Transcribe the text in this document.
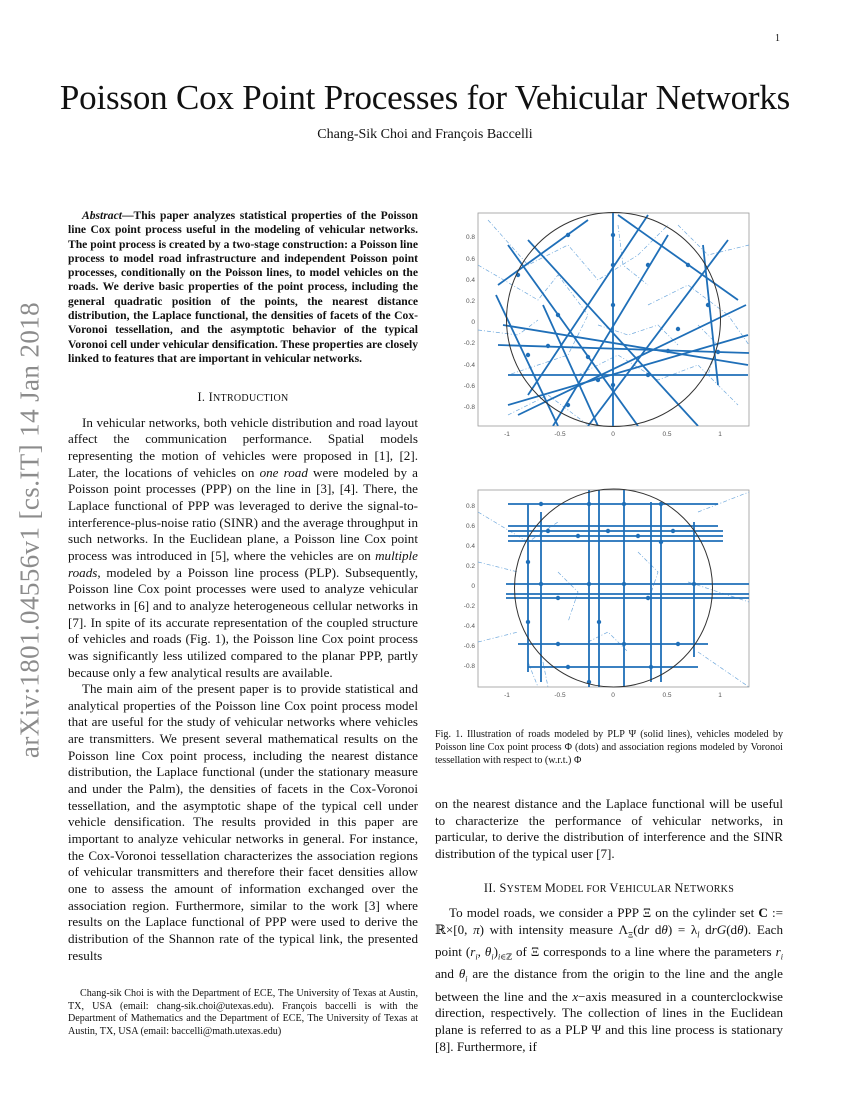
1
arXiv:1801.04556v1 [cs.IT] 14 Jan 2018
Poisson Cox Point Processes for Vehicular Networks
Chang-Sik Choi and François Baccelli

Abstract—This paper analyzes statistical properties of the Poisson line Cox point process useful in the modeling of vehicular networks. The point process is created by a two-stage construction: a Poisson line process to model road infrastructure and independent Poisson point processes, conditionally on the Poisson lines, to model vehicles on the roads. We derive basic properties of the point process, including the general quadratic position of the points, the nearest distance distribution, the Laplace functional, the densities of facets of the Cox-Voronoi tessellation, and the asymptotic behavior of the typical Voronoi cell under vehicular densification. These properties are closely linked to features that are important in vehicular networks.

I. INTRODUCTION

In vehicular networks, both vehicle distribution and road layout affect the communication performance. Spatial models representing the motion of vehicles were proposed in [1], [2]. Later, the locations of vehicles on one road were modeled by a Poisson point processes (PPP) on the line in [3], [4]. There, the Laplace functional of PPP was leveraged to derive the signal-to-interference-plus-noise ratio (SINR) and the average throughput in such networks. In the Euclidean plane, a Poisson line Cox point process was introduced in [5], where the vehicles are on multiple roads, modeled by a Poisson line process (PLP). Subsequently, Poisson line Cox point processes were used to analyze vehicular networks in [6] and to analyze heterogeneous cellular networks in [7]. In spite of its accurate representation of the coupled structure of vehicles and roads (Fig. 1), the Poisson line Cox point process was significantly less utilized compared to the planar PPP, partly because only a few analytical results are available.

The main aim of the present paper is to provide statistical and analytical properties of the Poisson line Cox point process model that are useful for the study of vehicular networks where vehicles are transmitters. We present several mathematical results on the Poisson line Cox point process, including the nearest distance distribution, the Laplace functional (under the stationary measure and under the Palm), the densities of facets in the Cox-Voronoi tessellation, and the asymptotic shape of the typical cell under vehicle densification. The results provided in this paper are important to analyze vehicular networks in general. For instance, the Cox-Voronoi tessellation characterizes the association regions of vehicular transmitters and therefore their facet densities allow one to assess the amount of information exchanged over the association region. Furthermore, similar to the work [3] where results on the Laplace functional of PPP were used to derive the distribution of the Shannon rate of the typical link, the presented results

Chang-sik Choi is with the Department of ECE, The University of Texas at Austin, TX, USA (email: chang-sik.choi@utexas.edu). François baccelli is with the Department of Mathematics and the Department of ECE, The University of Texas at Austin, TX, USA (email: baccelli@math.utexas.edu)

0.8
0.6
0.4
0.2
0
-0.2
-0.4
-0.6
-0.8
-1	-0.5	0	0.5	1
0.8
0.6
0.4
0.2
0
-0.2
-0.4
-0.6
-0.8
-1	-0.5	0	0.5	1
Fig. 1. Illustration of roads modeled by PLP Ψ (solid lines), vehicles modeled by Poisson line Cox point process Φ (dots) and association regions modeled by Voronoi tessellation with respect to (w.r.t.) Φ

on the nearest distance and the Laplace functional will be useful to characterize the performance of vehicular networks, in particular, to derive the distribution of interference and the SINR distribution of the typical user [7].

II. SYSTEM MODEL FOR VEHICULAR NETWORKS

To model roads, we consider a PPP Ξ on the cylinder set C := ℝ×[0, π) with intensity measure $\Lambda_\Xi(dr$ $d\theta) = \lambda_l$ drG(dθ). Each point ($r_i$, $\theta_i)_{i\in ℤ}$ of Ξ corresponds to a line where the parameters $r_i$ and $\theta_i$ are the distance from the origin to the line and the angle between the line and the x−axis measured in a counterclockwise direction, respectively. The collection of lines in the Euclidean plane is referred to as a PLP Ψ and this line process is stationary [8]. Furthermore, if
